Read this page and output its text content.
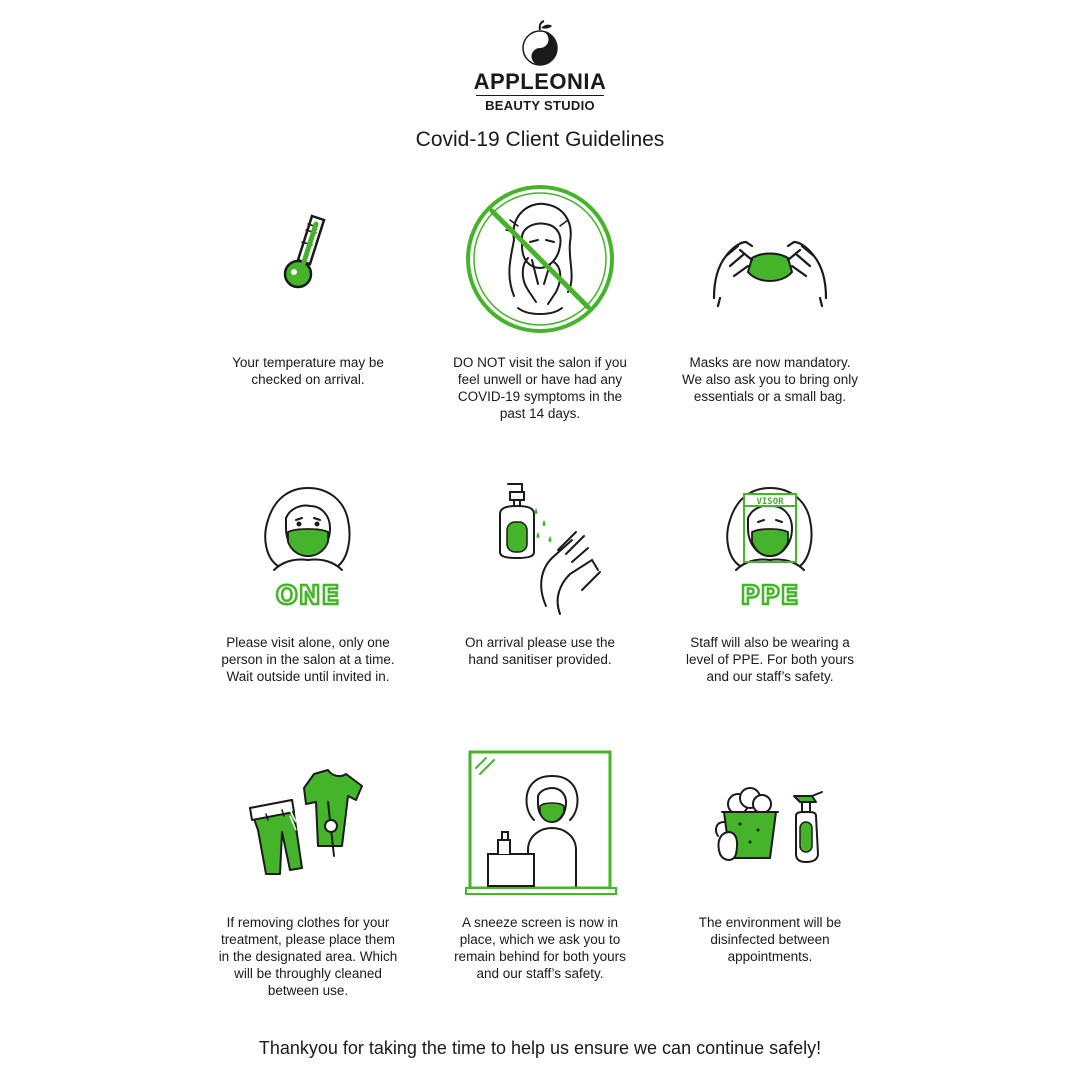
APPLEONIA
BEAUTY STUDIO
Covid-19 Client Guidelines
Your temperature may be
checked on arrival.
DO NOT visit the salon if you
feel unwell or have had any
COVID-19 symptoms in the
past 14 days.
Masks are now mandatory.
We also ask you to bring only
essentials or a small bag.
ONE
Please visit alone, only one
person in the salon at a time.
Wait outside until invited in.
On arrival please use the
hand sanitiser provided.
VISOR
PPE
Staff will also be wearing a
level of PPE. For both yours
and our staff’s safety.
If removing clothes for your
treatment, please place them
in the designated area. Which
will be throughly cleaned
between use.
A sneeze screen is now in
place, which we ask you to
remain behind for both yours
and our staff’s safety.
The environment will be
disinfected between
appointments.
Thankyou for taking the time to help us ensure we can continue safely!
